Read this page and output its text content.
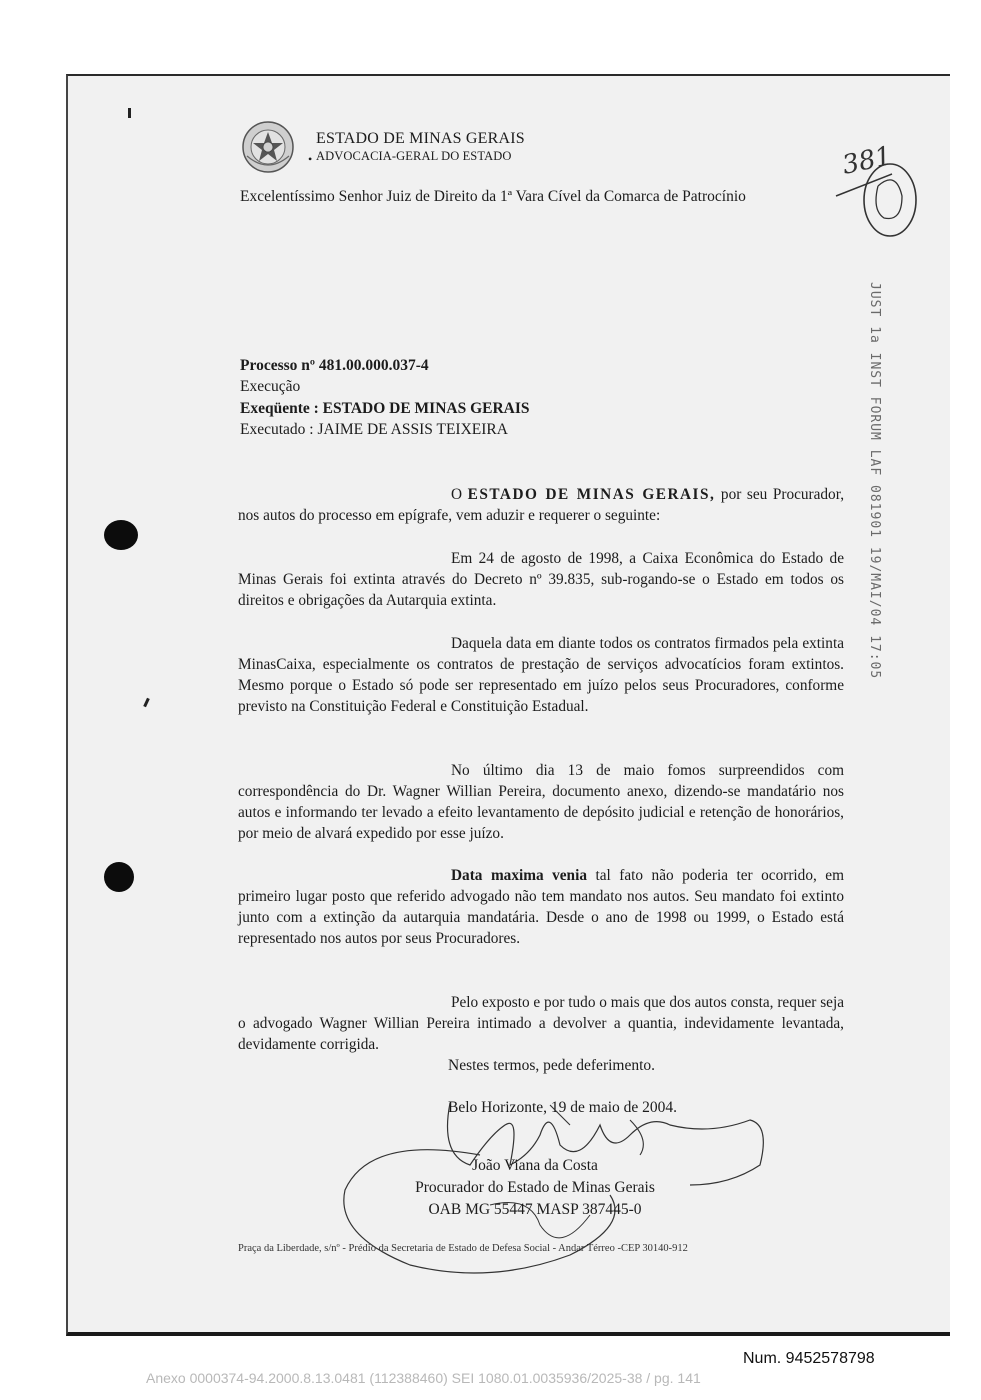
ESTADO DE MINAS GERAIS
• ADVOCACIA-GERAL DO ESTADO	381
Excelentíssimo Senhor Juiz de Direito da 1ª Vara Cível da Comarca de Patrocínio
JUST 1a INST FORUM LAF 081901 19/MAI/04 17:05
Processo nº 481.00.000.037-4
Execução
Exeqüente : ESTADO DE MINAS GERAIS
Executado : JAIME DE ASSIS TEIXEIRA
O ESTADO DE MINAS GERAIS, por seu Procurador, nos autos do processo em epígrafe, vem aduzir e requerer o seguinte:
Em 24 de agosto de 1998, a Caixa Econômica do Estado de Minas Gerais foi extinta através do Decreto nº 39.835, sub-rogando-se o Estado em todos os direitos e obrigações da Autarquia extinta.
Daquela data em diante todos os contratos firmados pela extinta MinasCaixa, especialmente os contratos de prestação de serviços advocatícios foram extintos. Mesmo porque o Estado só pode ser representado em juízo pelos seus Procuradores, conforme previsto na Constituição Federal e Constituição Estadual.
No último dia 13 de maio fomos surpreendidos com correspondência do Dr. Wagner Willian Pereira, documento anexo, dizendo-se mandatário nos autos e informando ter levado a efeito levantamento de depósito judicial e retenção de honorários, por meio de alvará expedido por esse juízo.
Data maxima venia tal fato não poderia ter ocorrido, em primeiro lugar posto que referido advogado não tem mandato nos autos. Seu mandato foi extinto junto com a extinção da autarquia mandatária. Desde o ano de 1998 ou 1999, o Estado está representado nos autos por seus Procuradores.
Pelo exposto e por tudo o mais que dos autos consta, requer seja o advogado Wagner Willian Pereira intimado a devolver a quantia, indevidamente levantada, devidamente corrigida.
Nestes termos, pede deferimento.
Belo Horizonte, 19 de maio de 2004.
João Viana da Costa
Procurador do Estado de Minas Gerais
OAB MG 55447 MASP 387445-0
Praça da Liberdade, s/nº - Prédio da Secretaria de Estado de Defesa Social - Andar Térreo -CEP 30140-912
Num. 9452578798
Anexo 0000374-94.2000.8.13.0481 (112388460) SEI 1080.01.0035936/2025-38 / pg. 141
